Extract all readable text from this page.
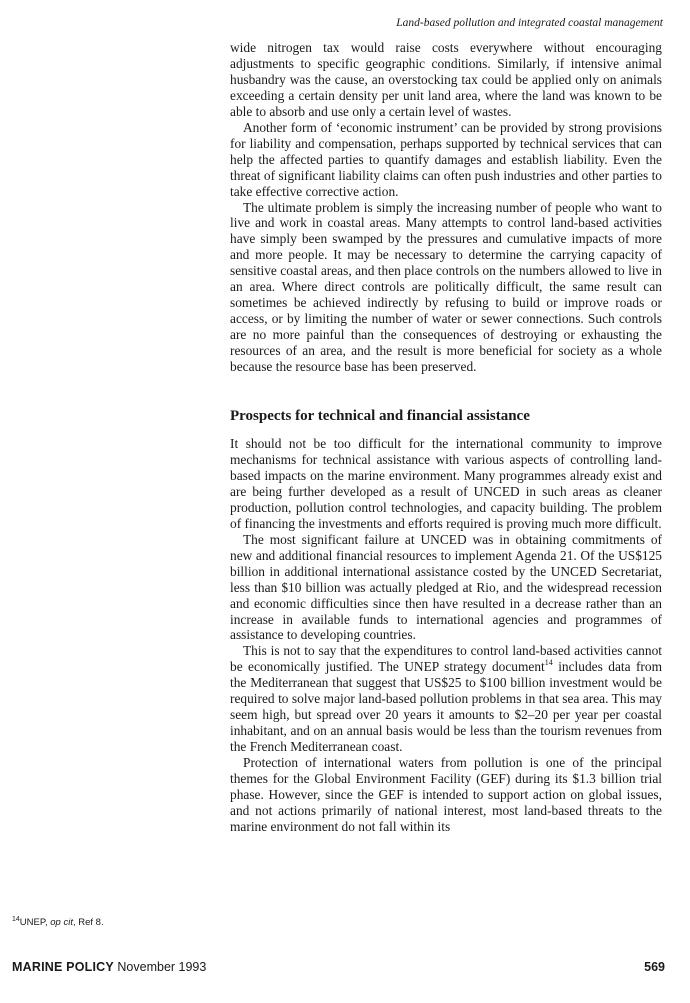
Land-based pollution and integrated coastal management

wide nitrogen tax would raise costs everywhere without encouraging adjustments to specific geographic conditions. Similarly, if intensive animal husbandry was the cause, an overstocking tax could be applied only on animals exceeding a certain density per unit land area, where the land was known to be able to absorb and use only a certain level of wastes.

Another form of ‘economic instrument’ can be provided by strong provisions for liability and compensation, perhaps supported by technical services that can help the affected parties to quantify damages and establish liability. Even the threat of significant liability claims can often push industries and other parties to take effective corrective action.

The ultimate problem is simply the increasing number of people who want to live and work in coastal areas. Many attempts to control land-based activities have simply been swamped by the pressures and cumulative impacts of more and more people. It may be necessary to determine the carrying capacity of sensitive coastal areas, and then place controls on the numbers allowed to live in an area. Where direct controls are politically difficult, the same result can sometimes be achieved indirectly by refusing to build or improve roads or access, or by limiting the number of water or sewer connections. Such controls are no more painful than the consequences of destroying or exhausting the resources of an area, and the result is more beneficial for society as a whole because the resource base has been preserved.

Prospects for technical and financial assistance

It should not be too difficult for the international community to improve mechanisms for technical assistance with various aspects of controlling land-based impacts on the marine environment. Many programmes already exist and are being further developed as a result of UNCED in such areas as cleaner production, pollution control technologies, and capacity building. The problem of financing the investments and efforts required is proving much more difficult.

The most significant failure at UNCED was in obtaining commitments of new and additional financial resources to implement Agenda 21. Of the US$125 billion in additional international assistance costed by the UNCED Secretariat, less than $10 billion was actually pledged at Rio, and the widespread recession and economic difficulties since then have resulted in a decrease rather than an increase in available funds to international agencies and programmes of assistance to developing countries.

This is not to say that the expenditures to control land-based activities cannot be economically justified. The UNEP strategy document$^{14}$ includes data from the Mediterranean that suggest that US$25 to $100 billion investment would be required to solve major land-based pollution problems in that sea area. This may seem high, but spread over 20 years it amounts to $2–20 per year per coastal inhabitant, and on an annual basis would be less than the tourism revenues from the French Mediterranean coast.

Protection of international waters from pollution is one of the principal themes for the Global Environment Facility (GEF) during its $1.3 billion trial phase. However, since the GEF is intended to support action on global issues, and not actions primarily of national interest, most land-based threats to the marine environment do not fall within its

$^{14}$UNEP, op cit, Ref 8.
MARINE POLICY November 1993	569
